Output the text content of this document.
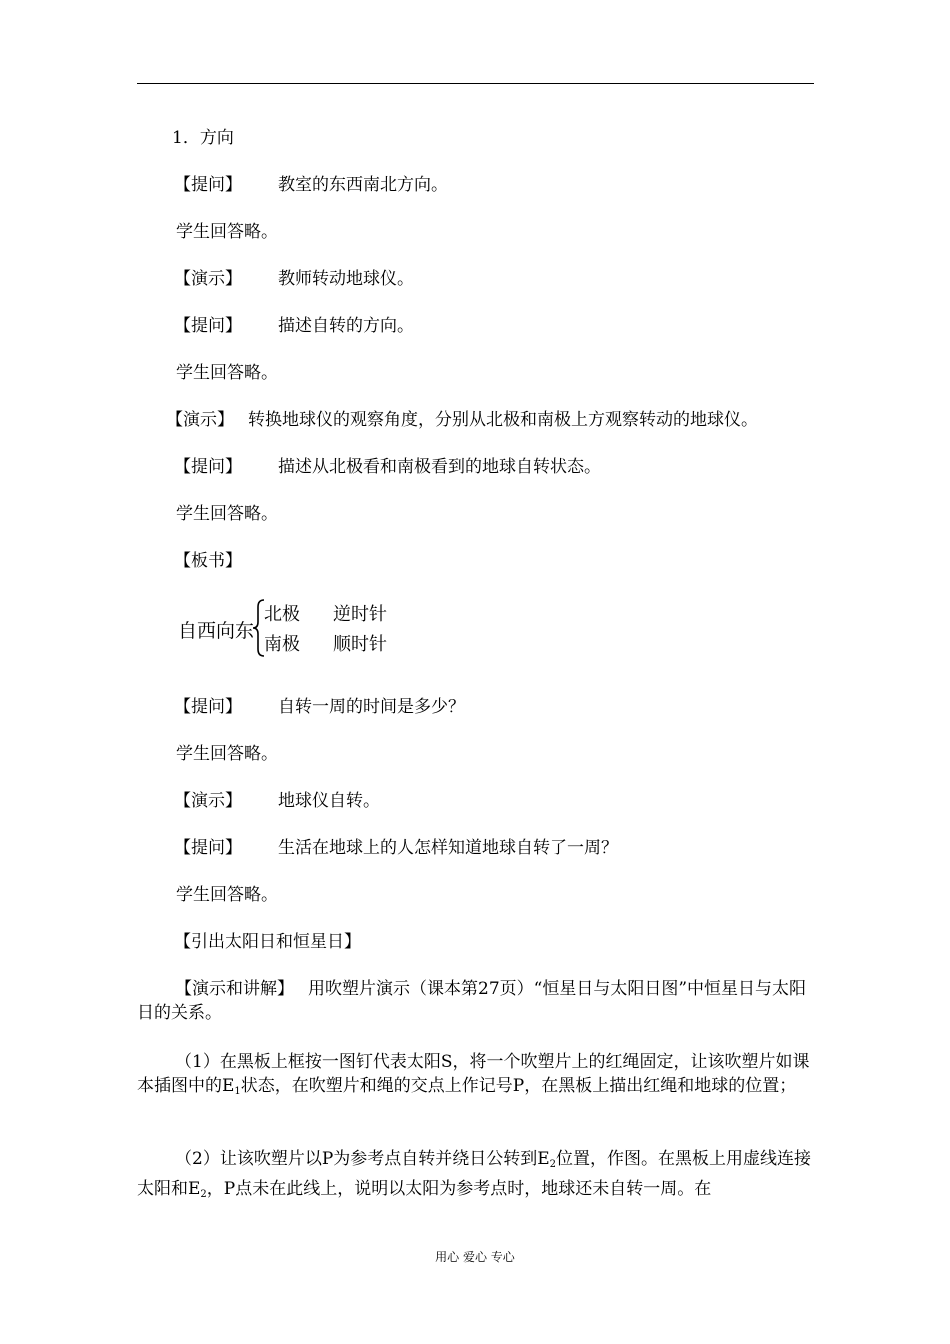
1．方向
【提问】 教室的东西南北方向。
学生回答略。
【演示】 教师转动地球仪。
【提问】 描述自转的方向。
学生回答略。
【演示】 转换地球仪的观察角度，分别从北极和南极上方观察转动的地球仪。
【提问】 描述从北极看和南极看到的地球自转状态。
学生回答略。
【板书】
自西向东
北极 逆时针
南极 顺时针
【提问】 自转一周的时间是多少？
学生回答略。
【演示】 地球仪自转。
【提问】 生活在地球上的人怎样知道地球自转了一周？
学生回答略。
【引出太阳日和恒星日】
【演示和讲解】 用吹塑片演示（课本第27页）“恒星日与太阳日图”中恒星日与太阳日的关系。
（1）在黑板上框按一图钉代表太阳S，将一个吹塑片上的红绳固定，让该吹塑片如课本插图中的$E_1$状态，在吹塑片和绳的交点上作记号P，在黑板上描出红绳和地球的位置；
（2）让该吹塑片以P为参考点自转并绕日公转到$E_2$位置，作图。在黑板上用虚线连接太阳和$E_2$，P点未在此线上，说明以太阳为参考点时，地球还未自转一周。在
用心 爱心 专心
